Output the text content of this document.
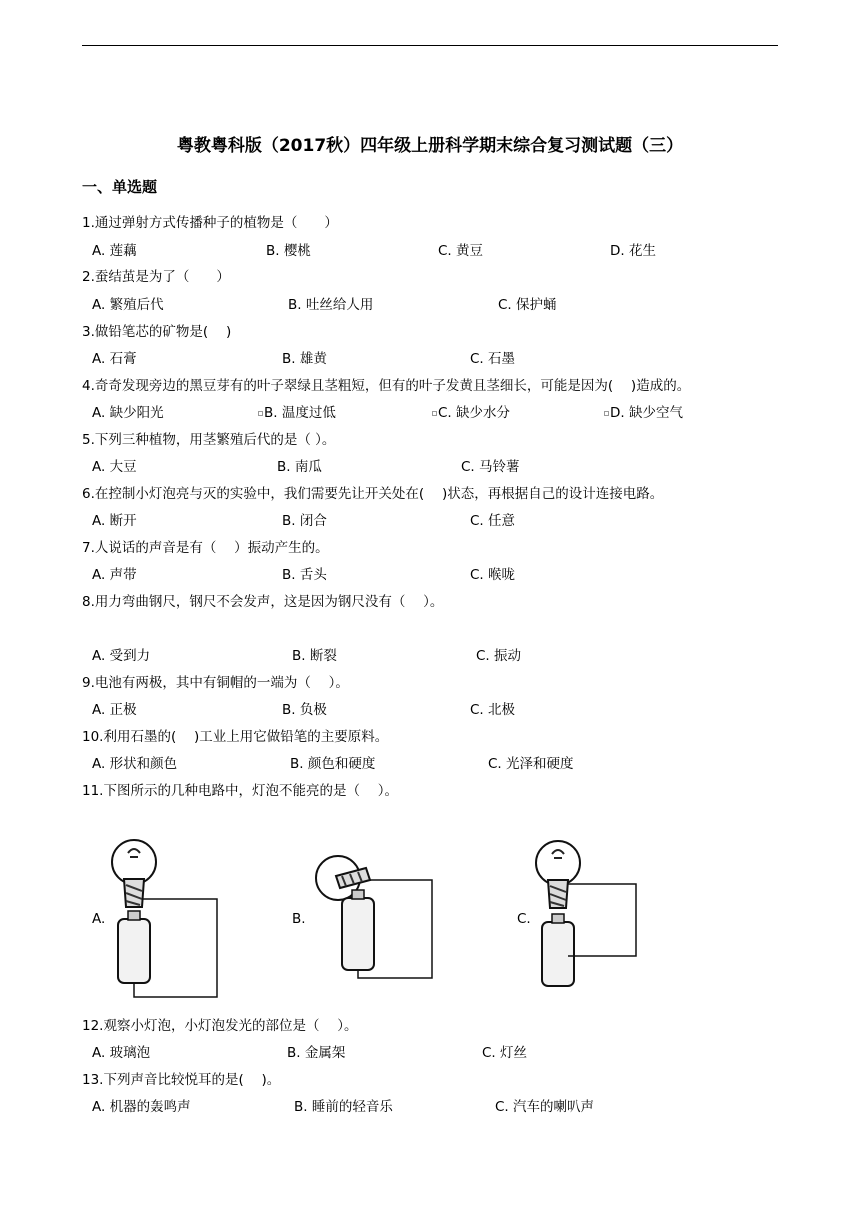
粤教粤科版（2017秋）四年级上册科学期末综合复习测试题（三）
一、单选题
1.通过弹射方式传播种子的植物是（　　）
A. 莲藕	B. 樱桃	C. 黄豆	D. 花生
2.蚕结茧是为了（　　）
A. 繁殖后代	B. 吐丝给人用	C. 保护蛹
3.做铅笔芯的矿物是(　 )
A. 石膏	B. 雄黄	C. 石墨
4.奇奇发现旁边的黑豆芽有的叶子翠绿且茎粗短，但有的叶子发黄且茎细长，可能是因为(　 )造成的。
A. 缺少阳光	B. 温度过低	C. 缺少水分	D. 缺少空气
5.下列三种植物，用茎繁殖后代的是（ ）。
A. 大豆	B. 南瓜	C. 马铃薯
6.在控制小灯泡亮与灭的实验中，我们需要先让开关处在(　 )状态，再根据自己的设计连接电路。
A. 断开	B. 闭合	C. 任意
7.人说话的声音是有（　 ）振动产生的。
A. 声带	B. 舌头	C. 喉咙
8.用力弯曲钢尺，钢尺不会发声，这是因为钢尺没有（　 ）。
A. 受到力	B. 断裂	C. 振动
9.电池有两极，其中有铜帽的一端为（　 ）。
A. 正极	B. 负极	C. 北极
10.利用石墨的(　 )工业上用它做铅笔的主要原料。
A. 形状和颜色	B. 颜色和硬度	C. 光泽和硬度
11.下图所示的几种电路中，灯泡不能亮的是（　 ）。
A.	B.	C.
12.观察小灯泡，小灯泡发光的部位是（　 ）。
A. 玻璃泡	B. 金属架	C. 灯丝
13.下列声音比较悦耳的是(　 )。
A. 机器的轰鸣声	B. 睡前的轻音乐	C. 汽车的喇叭声
